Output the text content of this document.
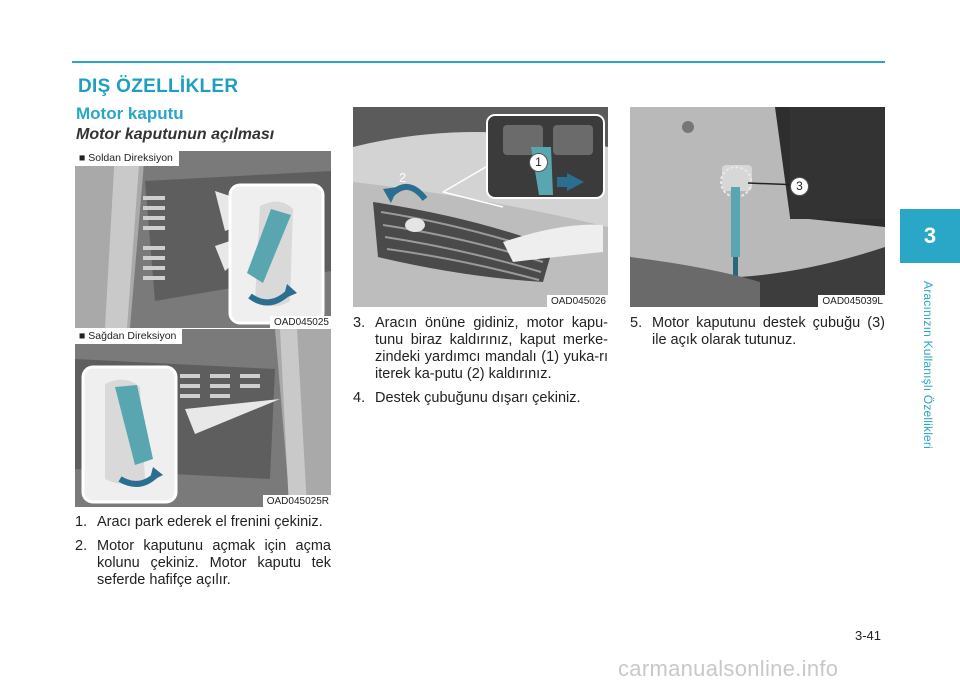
DIŞ ÖZELLİKLER
Motor kaputu
Motor kaputunun açılması
■ Soldan Direksiyon
OAD045025
■ Sağdan Direksiyon
OAD045025R
1
2
OAD045026
3
OAD045039L
1. Aracı park ederek el frenini çekiniz.
2. Motor kaputunu açmak için açma kolunu çekiniz. Motor kaputu tek seferde hafifçe açılır.
3. Aracın önüne gidiniz, motor kapu-tunu biraz kaldırınız, kaput merke-zindeki yardımcı mandalı (1) yuka-rı iterek ka-putu (2) kaldırınız.
4. Destek çubuğunu dışarı çekiniz.
5. Motor kaputunu destek çubuğu (3) ile açık olarak tutunuz.
3
Aracınızın Kullanışlı Özellikleri
3-41
carmanualsonline.info
